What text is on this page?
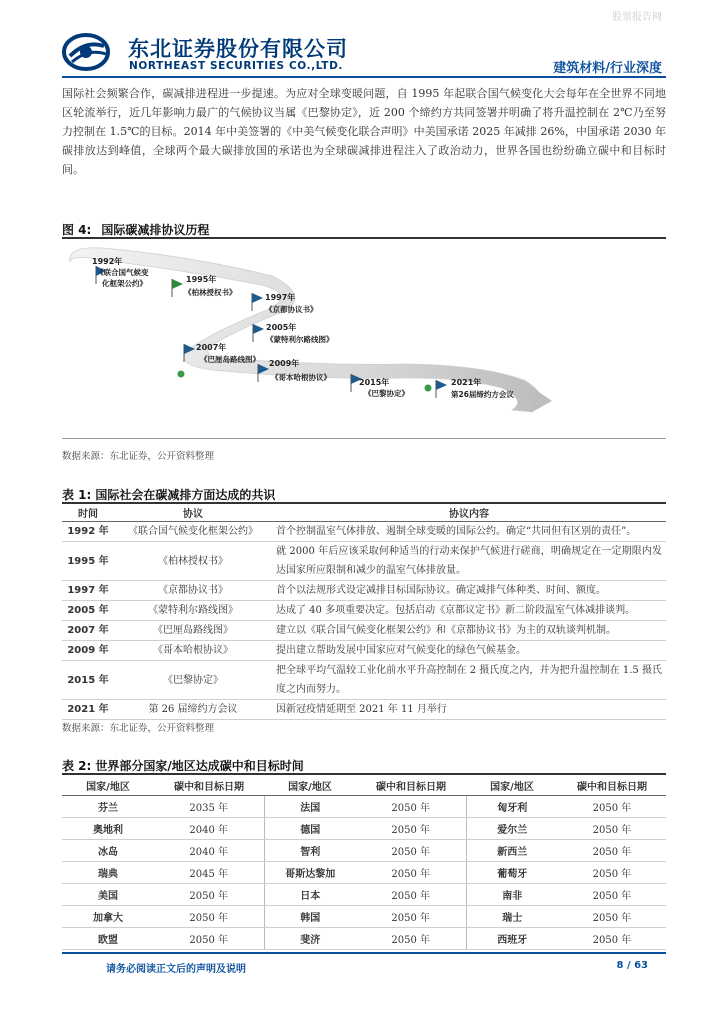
股票报告网
东北证券股份有限公司
NORTHEAST SECURITIES CO.,LTD.	建筑材料/行业深度
国际社会频繁合作，碳减排进程进一步提速。为应对全球变暖问题，自 1995 年起联合国气候变化大会每年在全世界不同地区轮流举行，近几年影响力最广的气候协议当属《巴黎协定》，近 200 个缔约方共同签署并明确了将升温控制在 2℃乃至努力控制在 1.5℃的目标。2014 年中美签署的《中美气候变化联合声明》中美国承诺 2025 年减排 26%，中国承诺 2030 年碳排放达到峰值，全球两个最大碳排放国的承诺也为全球碳减排进程注入了政治动力，世界各国也纷纷确立碳中和目标时间。
图 4: 国际碳减排协议历程
1992年
《联合国气候变
化框架公约》	1995年
《柏林授权书》
1997年
《京都协议书》
2005年
《蒙特利尔路线图》
2007年
《巴厘岛路线图》 2009年
《哥本哈根协议》
2015年
《巴黎协定》
2021年
第26届缔约方会议
数据来源：东北证券，公开资料整理
表 1: 国际社会在碳减排方面达成的共识
时间	协议	协议内容
1992 年	《联合国气候变化框架公约》	首个控制温室气体排放、遏制全球变暖的国际公约。确定“共同但有区别的责任”。
1995 年	《柏林授权书》	就 2000 年后应该采取何种适当的行动来保护气候进行磋商，明确规定在一定期限内发达国家所应限制和减少的温室气体排放量。
1997 年	《京都协议书》	首个以法规形式设定减排目标国际协议。确定减排气体种类、时间、额度。
2005 年	《蒙特利尔路线图》	达成了 40 多项重要决定。包括启动《京都议定书》新二阶段温室气体减排谈判。
2007 年	《巴厘岛路线图》	建立以《联合国气候变化框架公约》和《京都协议书》为主的双轨谈判机制。
2009 年	《哥本哈根协议》	提出建立帮助发展中国家应对气候变化的绿色气候基金。
2015 年	《巴黎协定》	把全球平均气温较工业化前水平升高控制在 2 摄氏度之内，并为把升温控制在 1.5 摄氏度之内而努力。
2021 年	第 26 届缔约方会议	因新冠疫情延期至 2021 年 11 月举行
数据来源：东北证券，公开资料整理
表 2: 世界部分国家/地区达成碳中和目标时间
国家/地区	碳中和目标日期	国家/地区	碳中和目标日期	国家/地区	碳中和目标日期
芬兰	2035 年	法国	2050 年	匈牙利	2050 年
奥地利	2040 年	德国	2050 年	爱尔兰	2050 年
冰岛	2040 年	智利	2050 年	新西兰	2050 年
瑞典	2045 年	哥斯达黎加	2050 年	葡萄牙	2050 年
美国	2050 年	日本	2050 年	南非	2050 年
加拿大	2050 年	韩国	2050 年	瑞士	2050 年
欧盟	2050 年	斐济	2050 年	西班牙	2050 年
请务必阅读正文后的声明及说明	8 / 63
